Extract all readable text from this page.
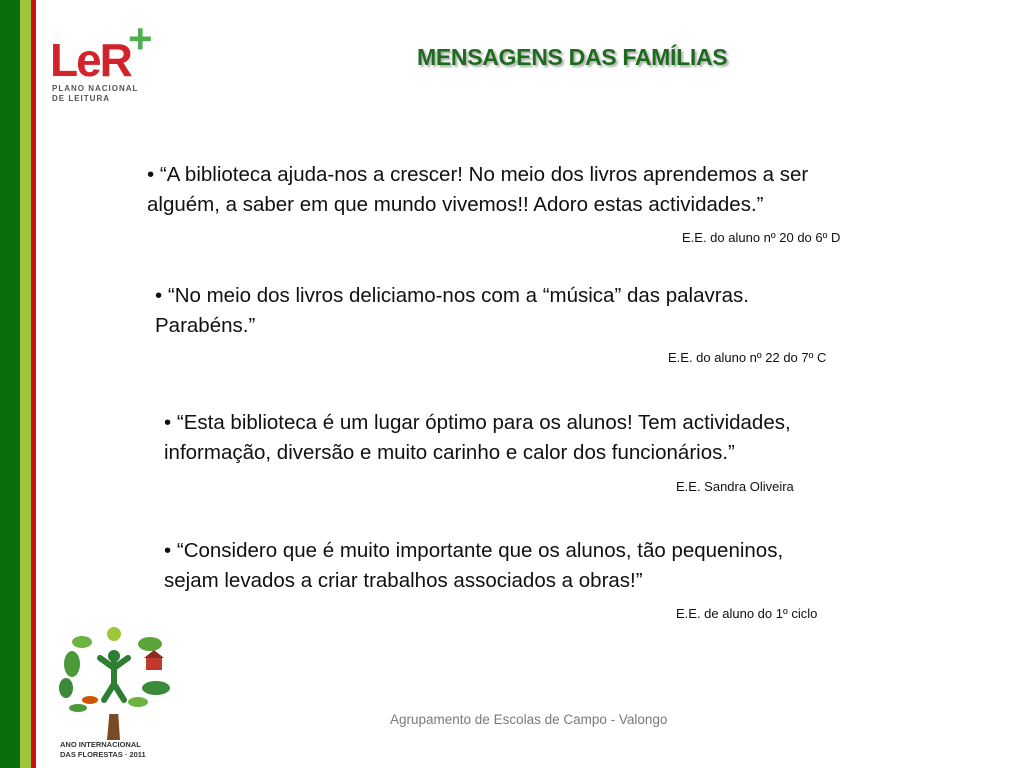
LeR
+
PLANO NACIONAL
DE LEITURA
MENSAGENS DAS FAMÍLIAS
• “A biblioteca ajuda-nos a crescer! No meio dos livros aprendemos a ser
alguém, a saber em que mundo vivemos!! Adoro estas actividades.”
E.E. do aluno nº 20 do 6º D
• “No meio dos livros deliciamo-nos com a “música” das palavras.
Parabéns.”
E.E. do aluno nº 22 do 7º C
• “Esta biblioteca é um lugar óptimo para os alunos! Tem actividades,
informação, diversão e muito carinho e calor dos funcionários.”
E.E. Sandra Oliveira
• “Considero que é muito importante que os alunos, tão pequeninos,
sejam levados a criar trabalhos associados a obras!”
E.E. de aluno do 1º ciclo
ANO INTERNACIONAL
DAS FLORESTAS · 2011
Agrupamento de Escolas de Campo - Valongo
